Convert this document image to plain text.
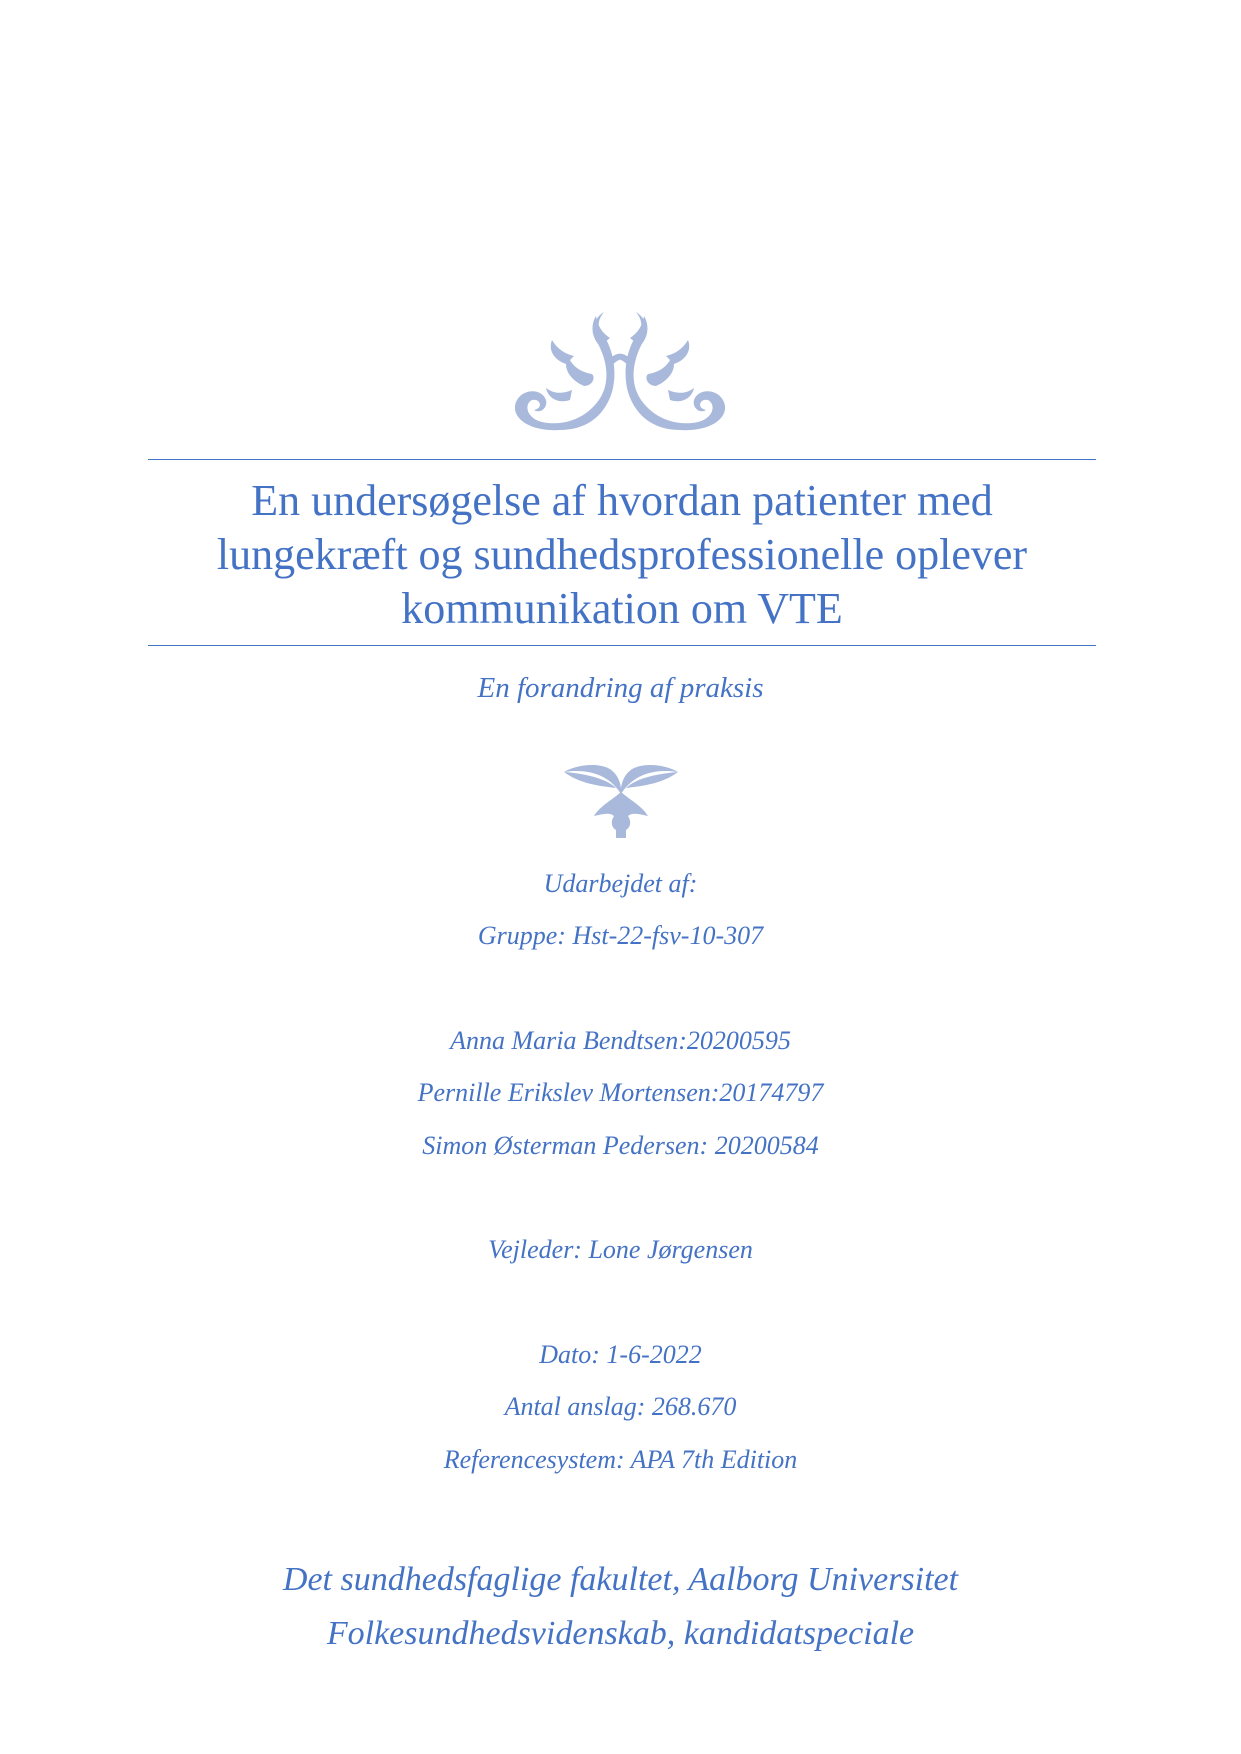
En undersøgelse af hvordan patienter med
lungekræft og sundhedsprofessionelle oplever
kommunikation om VTE
En forandring af praksis
Udarbejdet af:
Gruppe: Hst-22-fsv-10-307
Anna Maria Bendtsen:20200595
Pernille Erikslev Mortensen:20174797
Simon Østerman Pedersen: 20200584
Vejleder: Lone Jørgensen
Dato: 1-6-2022
Antal anslag: 268.670
Referencesystem: APA 7th Edition
Det sundhedsfaglige fakultet, Aalborg Universitet
Folkesundhedsvidenskab, kandidatspeciale
